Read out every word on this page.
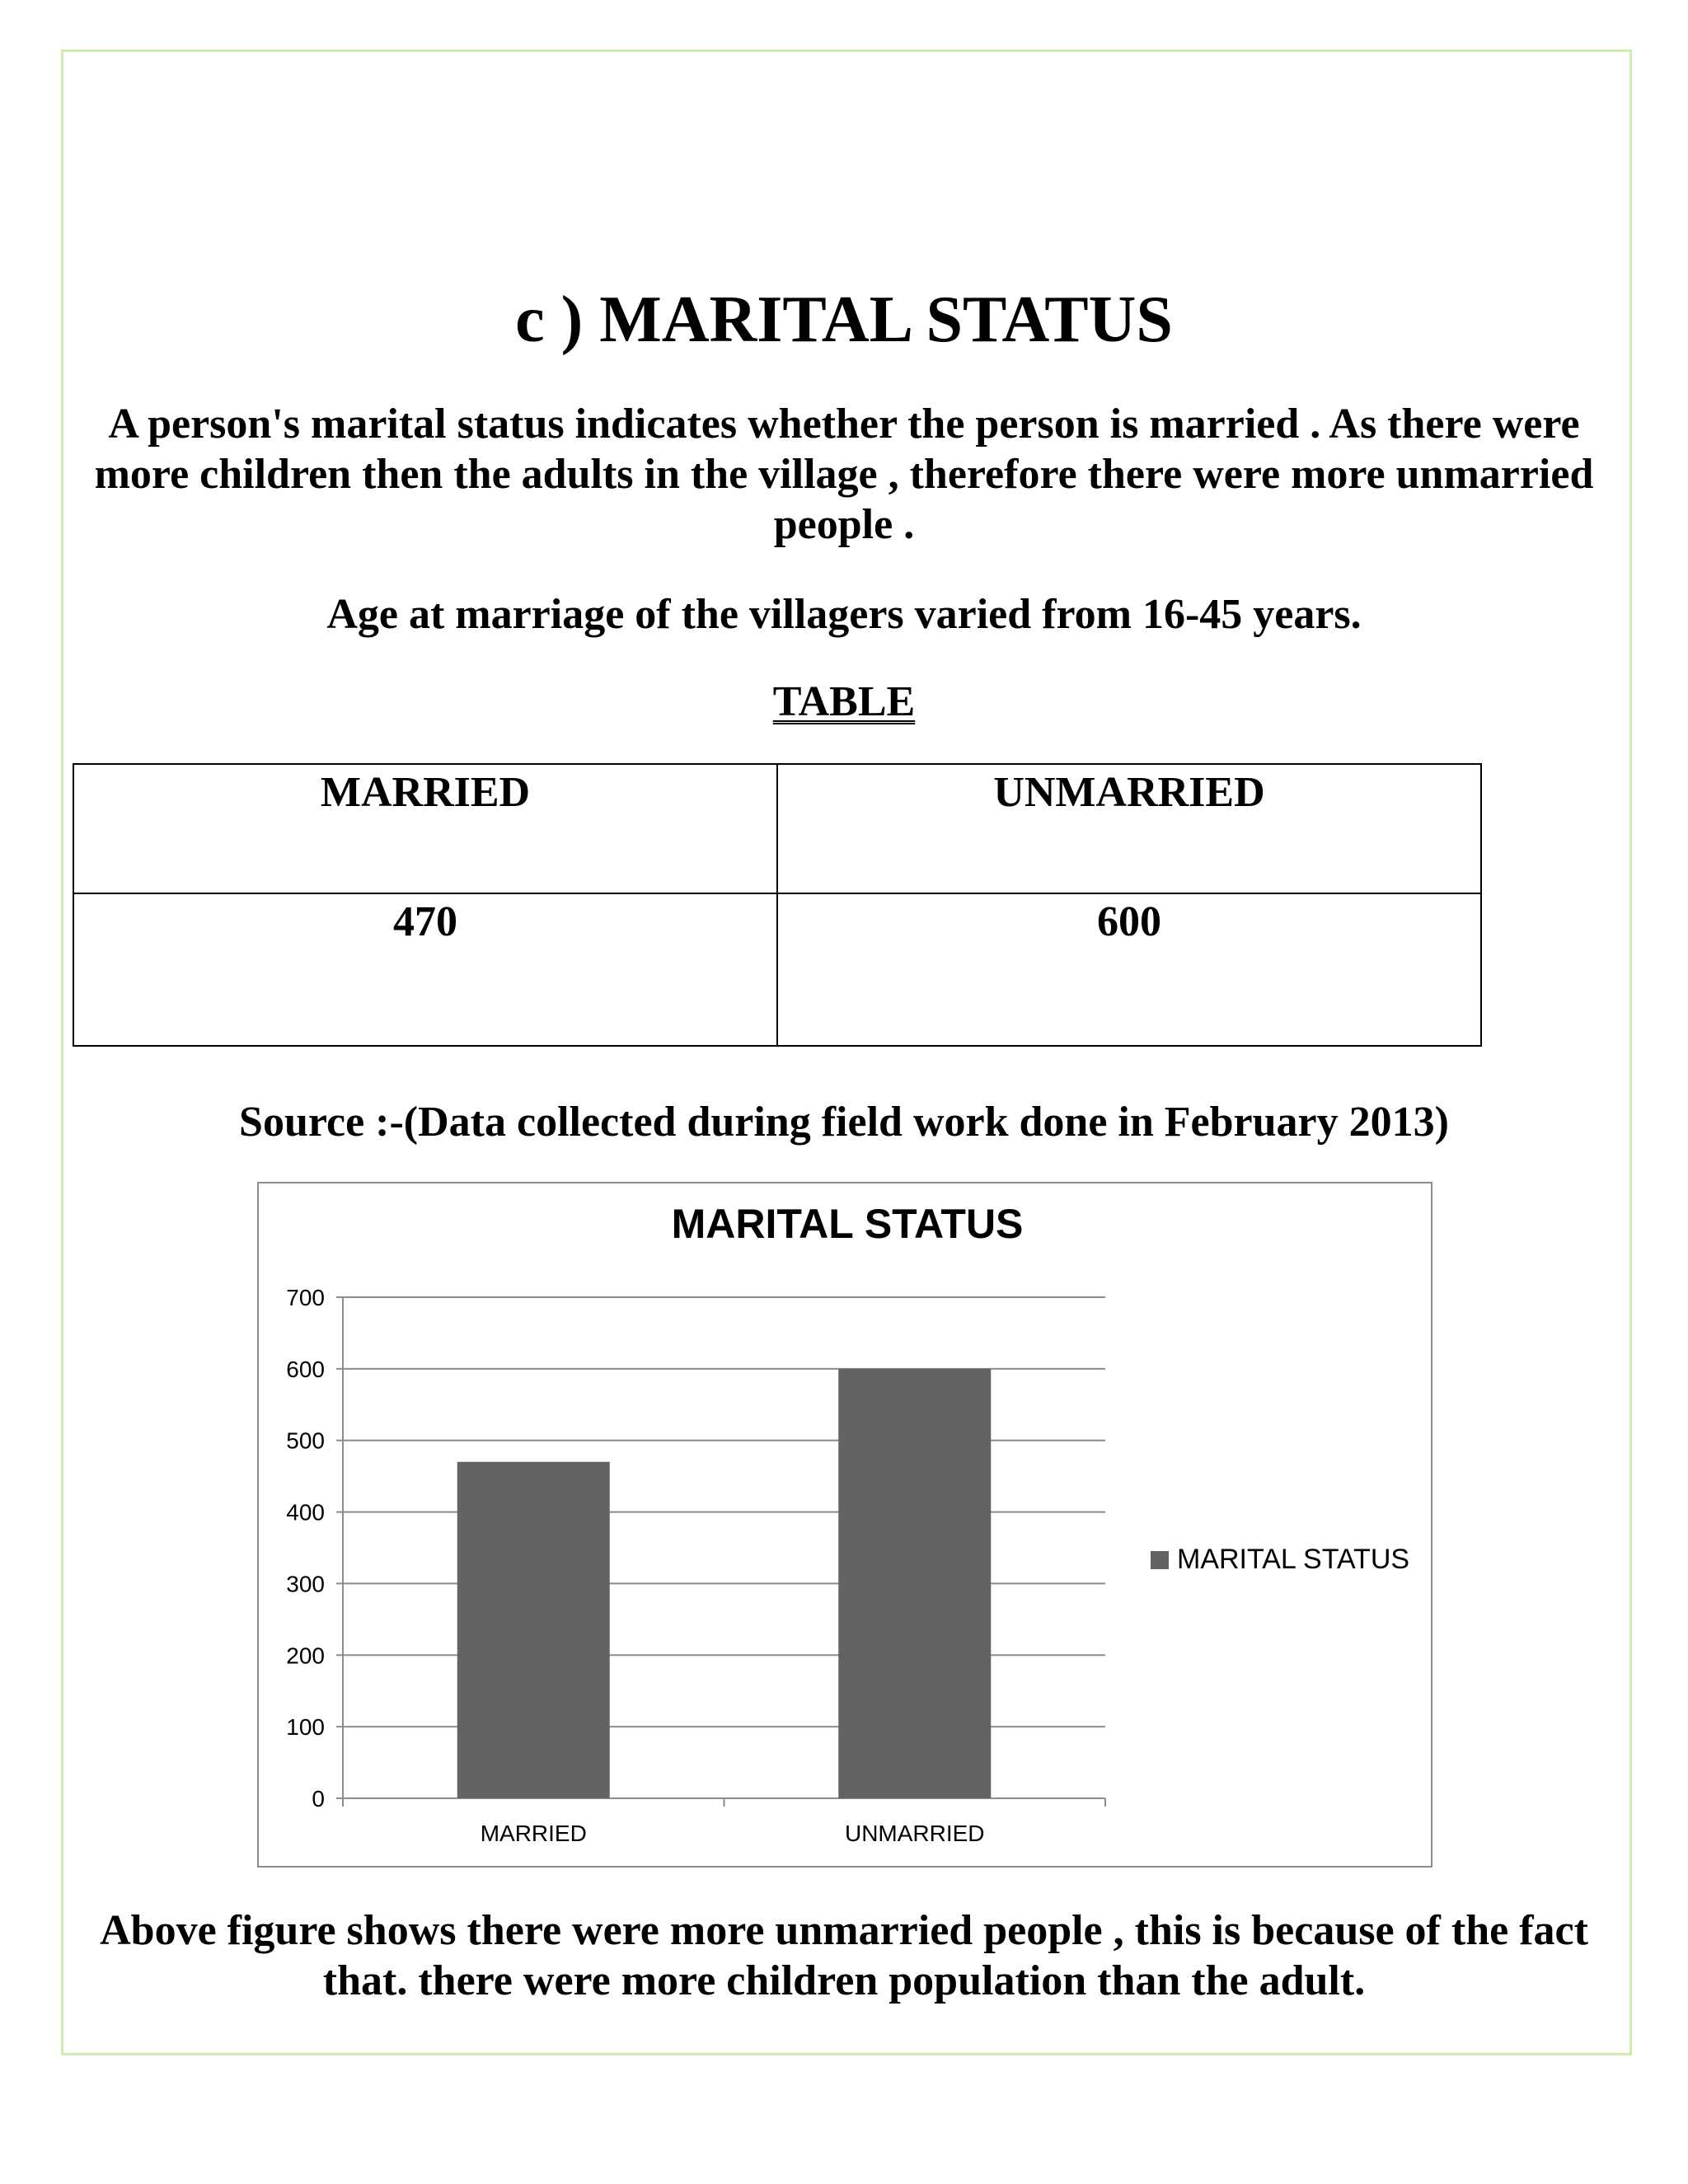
c ) MARITAL STATUS

A person's marital status indicates whether the person is married . As there were more children then the adults in the village , therefore there were more unmarried people .

Age at marriage of the villagers varied from 16-45 years.

TABLE

MARRIED	UNMARRIED
470	600

Source :-(Data collected during field work done in February 2013)

MARITAL STATUS
0
100
200
300
400
500
600
700
MARRIED	UNMARRIED
MARITAL STATUS

Above figure shows there were more unmarried people , this is because of the fact that. there were more children population than the adult.
